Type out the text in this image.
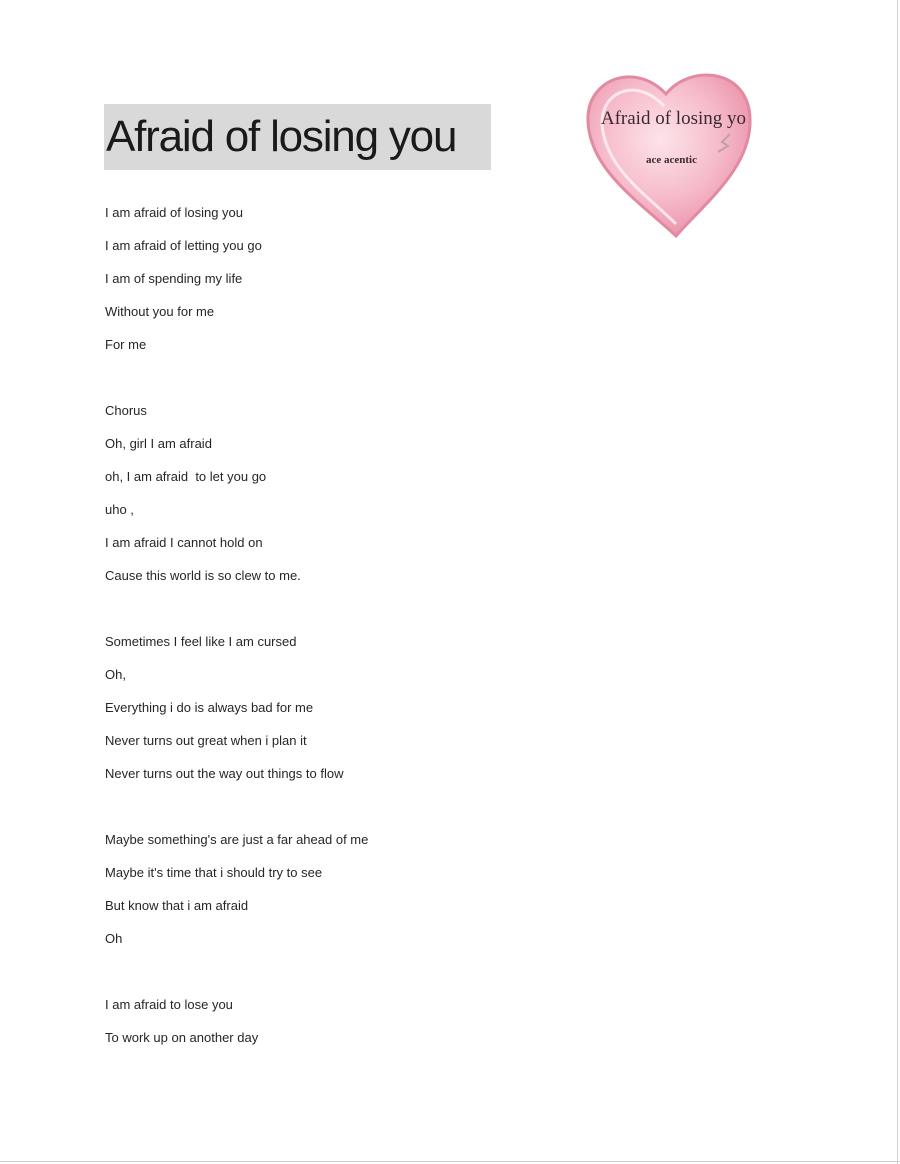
Afraid of losing you	Afraid of losing yo
ace acentic
I am afraid of losing you
I am afraid of letting you go
I am of spending my life
Without you for me
For me
Chorus
Oh, girl I am afraid
oh, I am afraid  to let you go
uho ,
I am afraid I cannot hold on
Cause this world is so clew to me.
Sometimes I feel like I am cursed
Oh,
Everything i do is always bad for me
Never turns out great when i plan it
Never turns out the way out things to flow
Maybe something's are just a far ahead of me
Maybe it's time that i should try to see
But know that i am afraid
Oh
I am afraid to lose you
To work up on another day
